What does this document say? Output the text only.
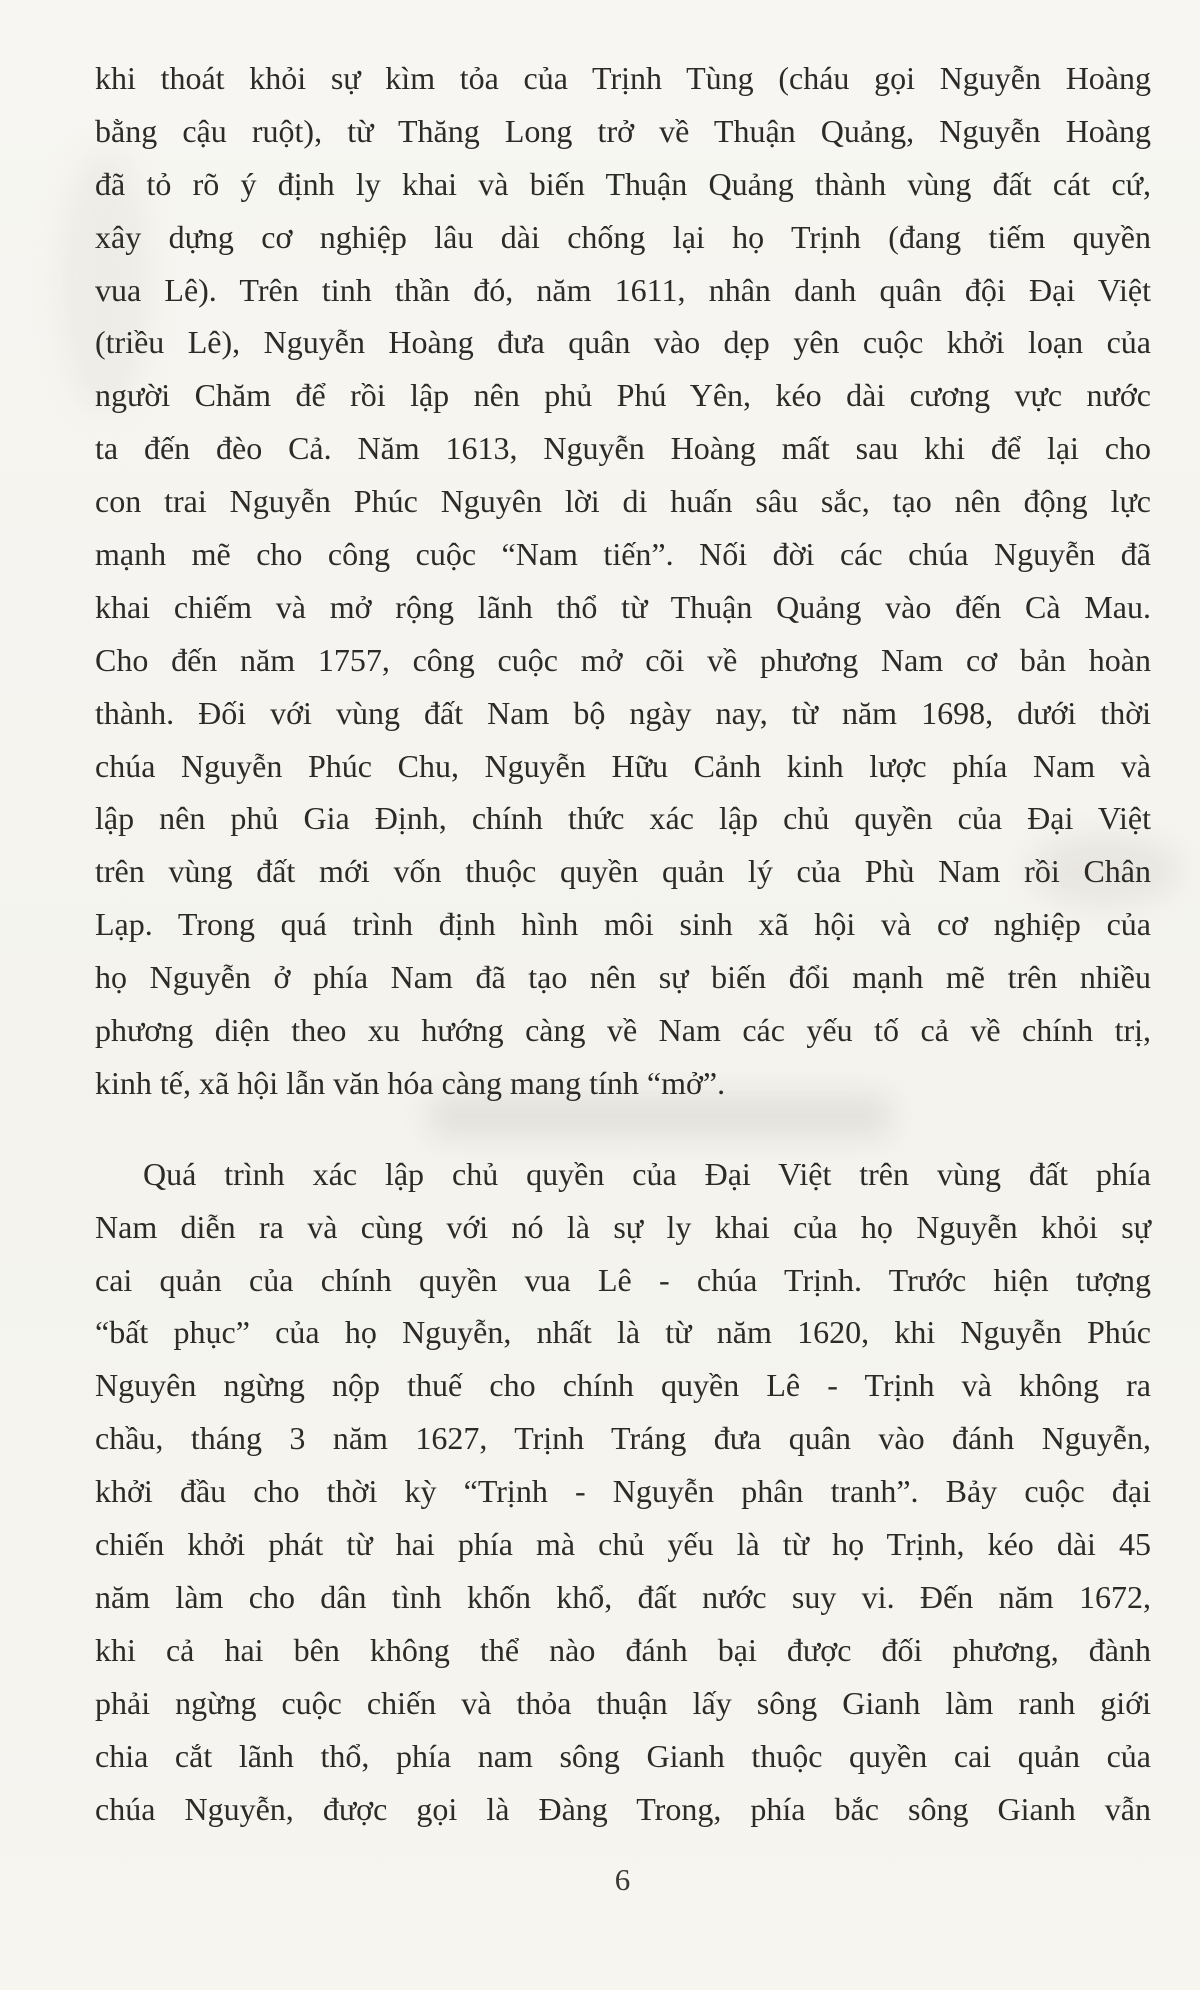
khi thoát khỏi sự kìm tỏa của Trịnh Tùng (cháu gọi Nguyễn Hoàng
bằng cậu ruột), từ Thăng Long trở về Thuận Quảng, Nguyễn Hoàng
đã tỏ rõ ý định ly khai và biến Thuận Quảng thành vùng đất cát cứ,
xây dựng cơ nghiệp lâu dài chống lại họ Trịnh (đang tiếm quyền
vua Lê). Trên tinh thần đó, năm 1611, nhân danh quân đội Đại Việt
(triều Lê), Nguyễn Hoàng đưa quân vào dẹp yên cuộc khởi loạn của
người Chăm để rồi lập nên phủ Phú Yên, kéo dài cương vực nước
ta đến đèo Cả. Năm 1613, Nguyễn Hoàng mất sau khi để lại cho
con trai Nguyễn Phúc Nguyên lời di huấn sâu sắc, tạo nên động lực
mạnh mẽ cho công cuộc “Nam tiến”. Nối đời các chúa Nguyễn đã
khai chiếm và mở rộng lãnh thổ từ Thuận Quảng vào đến Cà Mau.
Cho đến năm 1757, công cuộc mở cõi về phương Nam cơ bản hoàn
thành. Đối với vùng đất Nam bộ ngày nay, từ năm 1698, dưới thời
chúa Nguyễn Phúc Chu, Nguyễn Hữu Cảnh kinh lược phía Nam và
lập nên phủ Gia Định, chính thức xác lập chủ quyền của Đại Việt
trên vùng đất mới vốn thuộc quyền quản lý của Phù Nam rồi Chân
Lạp. Trong quá trình định hình môi sinh xã hội và cơ nghiệp của
họ Nguyễn ở phía Nam đã tạo nên sự biến đổi mạnh mẽ trên nhiều
phương diện theo xu hướng càng về Nam các yếu tố cả về chính trị,
kinh tế, xã hội lẫn văn hóa càng mang tính “mở”.
Quá trình xác lập chủ quyền của Đại Việt trên vùng đất phía
Nam diễn ra và cùng với nó là sự ly khai của họ Nguyễn khỏi sự
cai quản của chính quyền vua Lê - chúa Trịnh. Trước hiện tượng
“bất phục” của họ Nguyễn, nhất là từ năm 1620, khi Nguyễn Phúc
Nguyên ngừng nộp thuế cho chính quyền Lê - Trịnh và không ra
chầu, tháng 3 năm 1627, Trịnh Tráng đưa quân vào đánh Nguyễn,
khởi đầu cho thời kỳ “Trịnh - Nguyễn phân tranh”. Bảy cuộc đại
chiến khởi phát từ hai phía mà chủ yếu là từ họ Trịnh, kéo dài 45
năm làm cho dân tình khốn khổ, đất nước suy vi. Đến năm 1672,
khi cả hai bên không thể nào đánh bại được đối phương, đành
phải ngừng cuộc chiến và thỏa thuận lấy sông Gianh làm ranh giới
chia cắt lãnh thổ, phía nam sông Gianh thuộc quyền cai quản của
chúa Nguyễn, được gọi là Đàng Trong, phía bắc sông Gianh vẫn
6
